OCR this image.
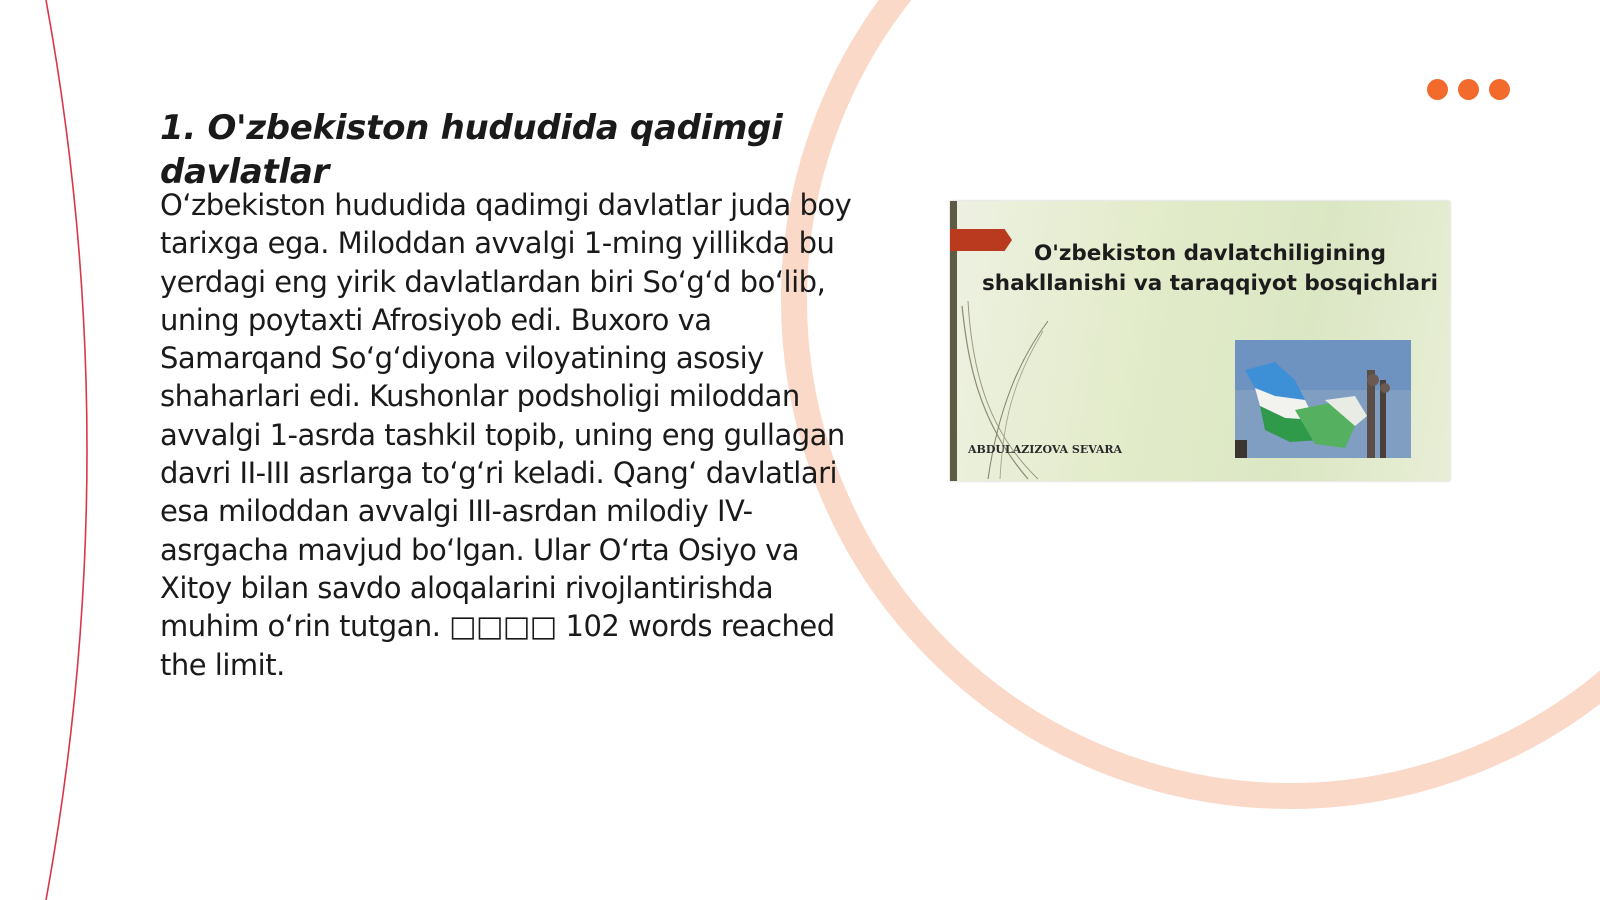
1. O'zbekiston hududida qadimgi davlatlar

O‘zbekiston hududida qadimgi davlatlar juda boy tarixga ega. Miloddan avvalgi 1-ming yillikda bu yerdagi eng yirik davlatlardan biri So‘g‘d bo‘lib, uning poytaxti Afrosiyob edi. Buxoro va Samarqand So‘g‘diyona viloyatining asosiy shaharlari edi. Kushonlar podsholigi miloddan avvalgi 1-asrda tashkil topib, uning eng gullagan davri II-III asrlarga to‘g‘ri keladi. Qang‘ davlatlari esa miloddan avvalgi III-asrdan milodiy IV-asrgacha mavjud bo‘lgan. Ular O‘rta Osiyo va Xitoy bilan savdo aloqalarini rivojlantirishda muhim o‘rin tutgan. □□□□ 102 words reached the limit.

O'zbekiston davlatchiligining shakllanishi va taraqqiyot bosqichlari
ABDULAZIZOVA SEVARA
